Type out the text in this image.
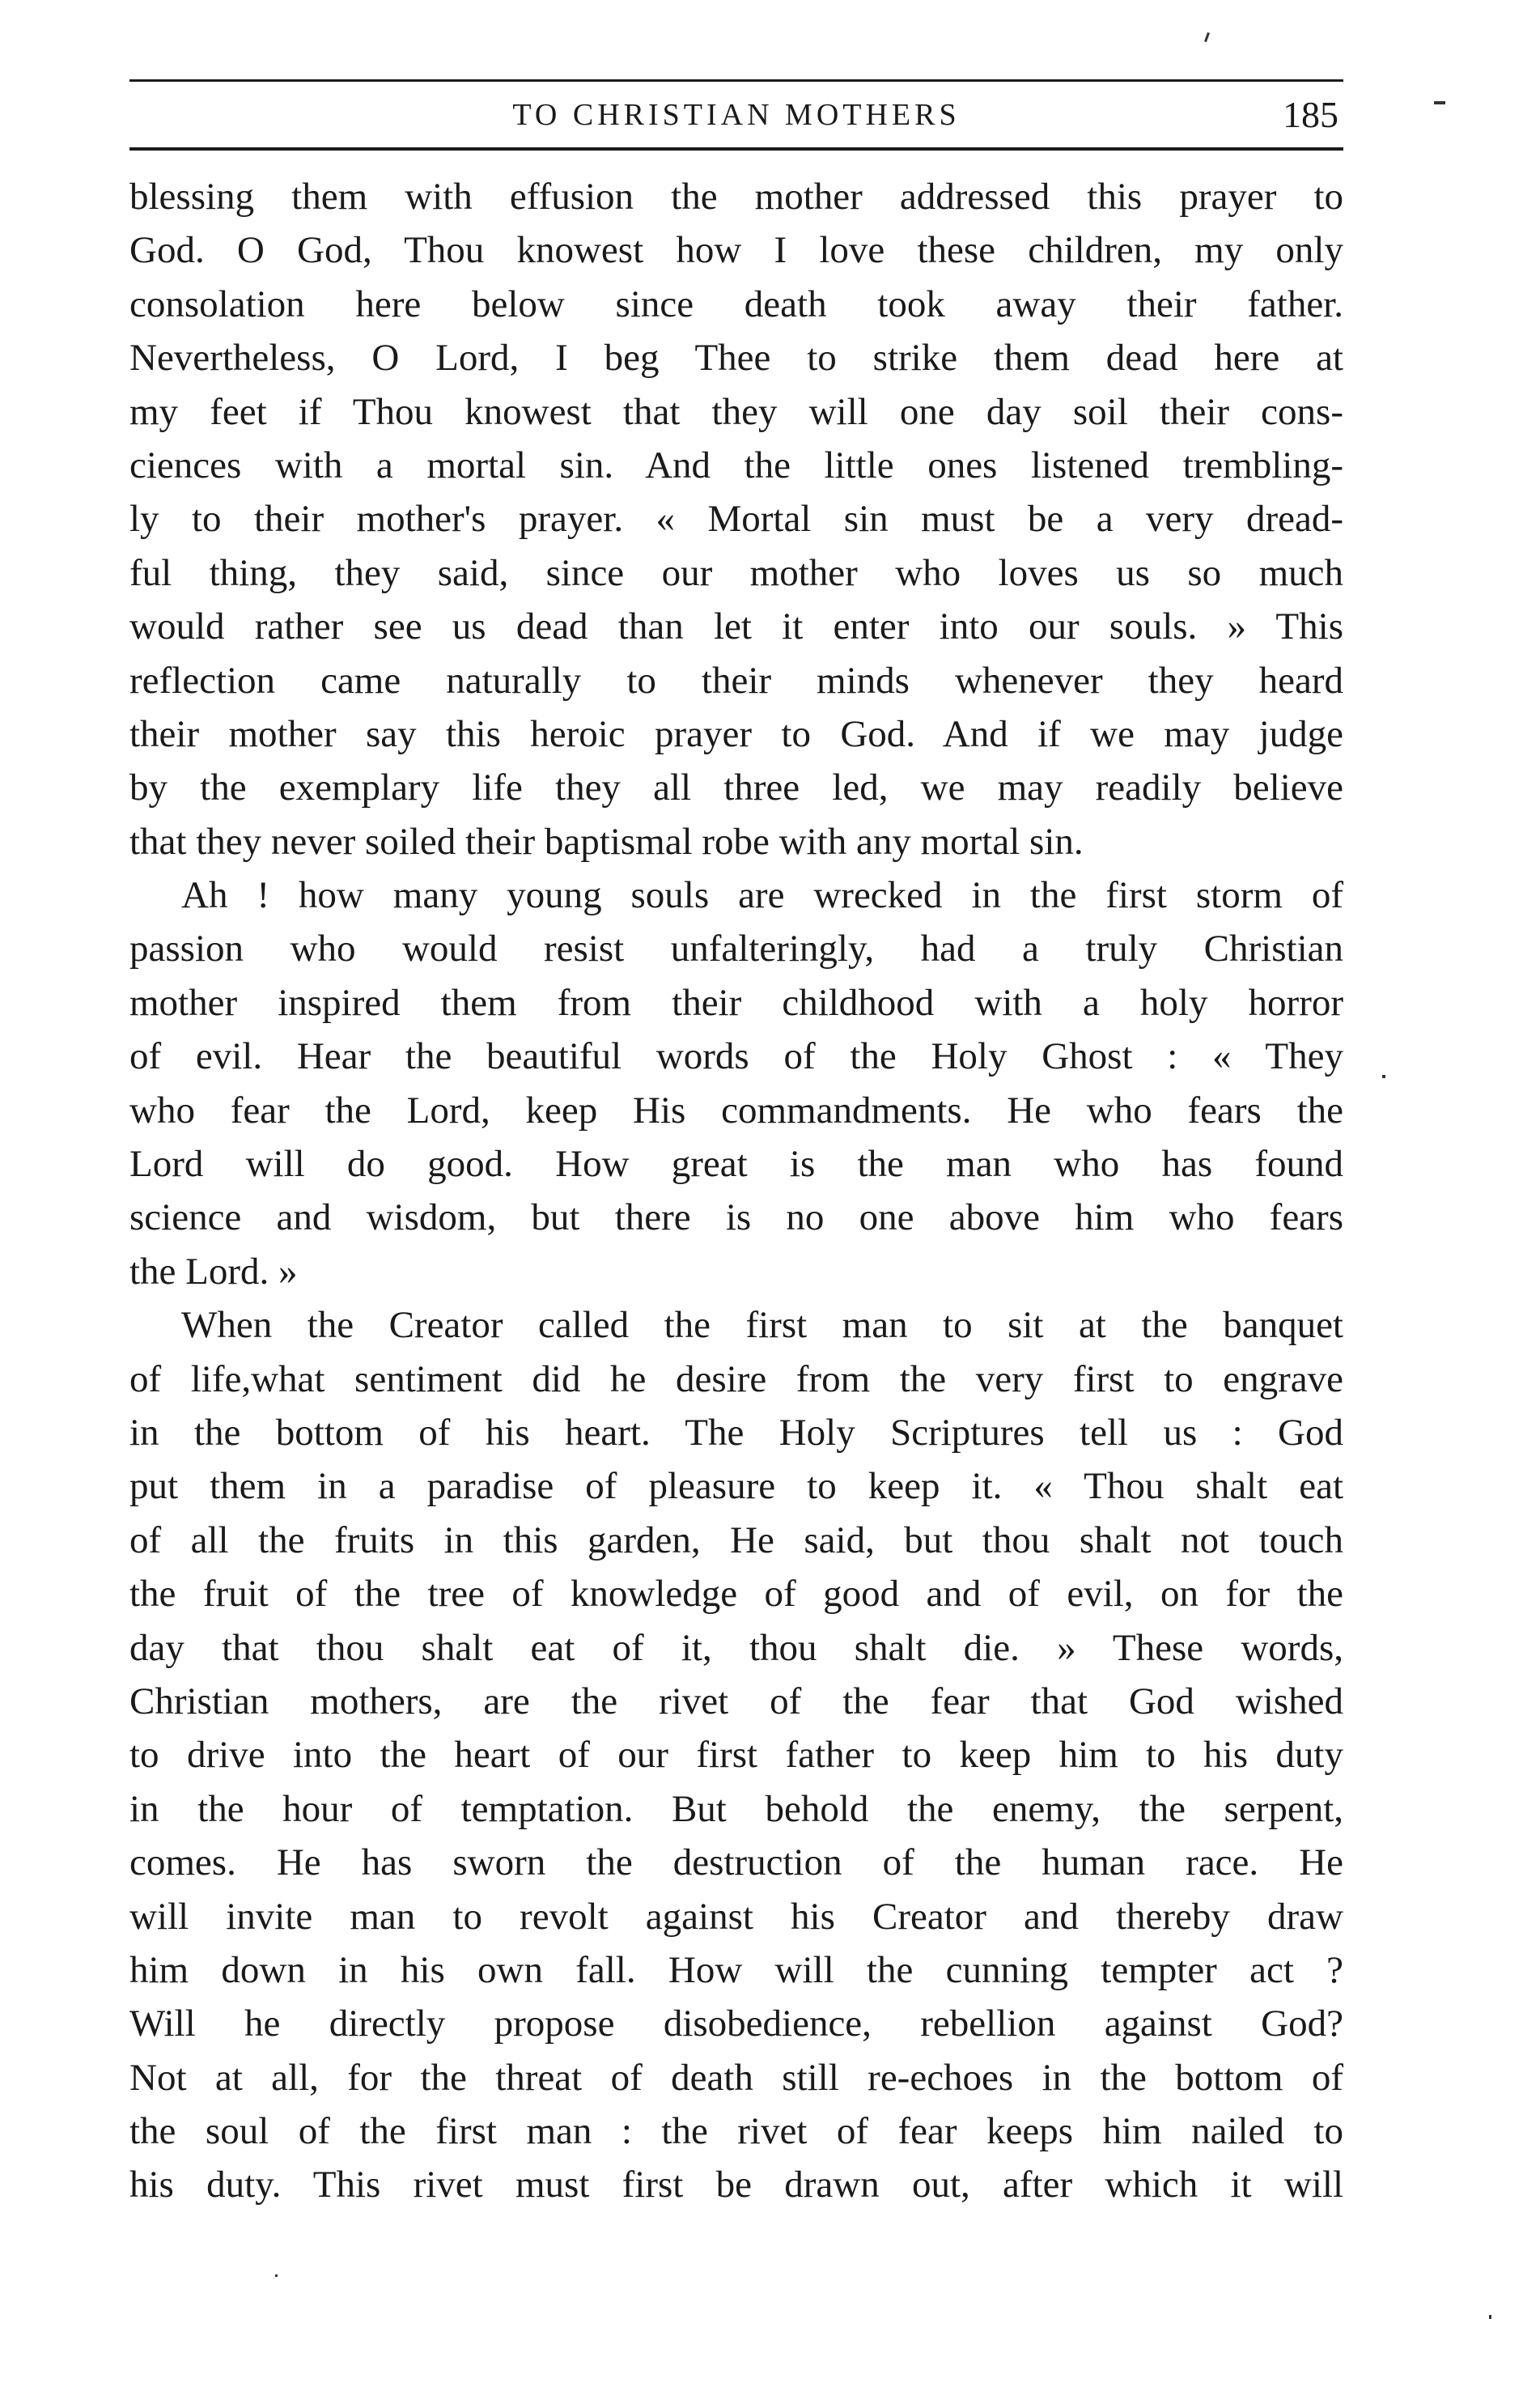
TO CHRISTIAN MOTHERS	185
blessing them with effusion the mother addressed this prayer to
God. O God, Thou knowest how I love these children, my only
consolation here below since death took away their father.
Nevertheless, O Lord, I beg Thee to strike them dead here at
my feet if Thou knowest that they will one day soil their cons-
ciences with a mortal sin. And the little ones listened trembling-
ly to their mother's prayer. « Mortal sin must be a very dread-
ful thing, they said, since our mother who loves us so much
would rather see us dead than let it enter into our souls. » This
reflection came naturally to their minds whenever they heard
their mother say this heroic prayer to God. And if we may judge
by the exemplary life they all three led, we may readily believe
that they never soiled their baptismal robe with any mortal sin.
Ah ! how many young souls are wrecked in the first storm of
passion who would resist unfalteringly, had a truly Christian
mother inspired them from their childhood with a holy horror
of evil. Hear the beautiful words of the Holy Ghost : « They
who fear the Lord, keep His commandments. He who fears the
Lord will do good. How great is the man who has found
science and wisdom, but there is no one above him who fears
the Lord. »
When the Creator called the first man to sit at the banquet
of life,what sentiment did he desire from the very first to engrave
in the bottom of his heart. The Holy Scriptures tell us : God
put them in a paradise of pleasure to keep it. « Thou shalt eat
of all the fruits in this garden, He said, but thou shalt not touch
the fruit of the tree of knowledge of good and of evil, on for the
day that thou shalt eat of it, thou shalt die. » These words,
Christian mothers, are the rivet of the fear that God wished
to drive into the heart of our first father to keep him to his duty
in the hour of temptation. But behold the enemy, the serpent,
comes. He has sworn the destruction of the human race. He
will invite man to revolt against his Creator and thereby draw
him down in his own fall. How will the cunning tempter act ?
Will he directly propose disobedience, rebellion against God?
Not at all, for the threat of death still re-echoes in the bottom of
the soul of the first man : the rivet of fear keeps him nailed to
his duty. This rivet must first be drawn out, after which it will
